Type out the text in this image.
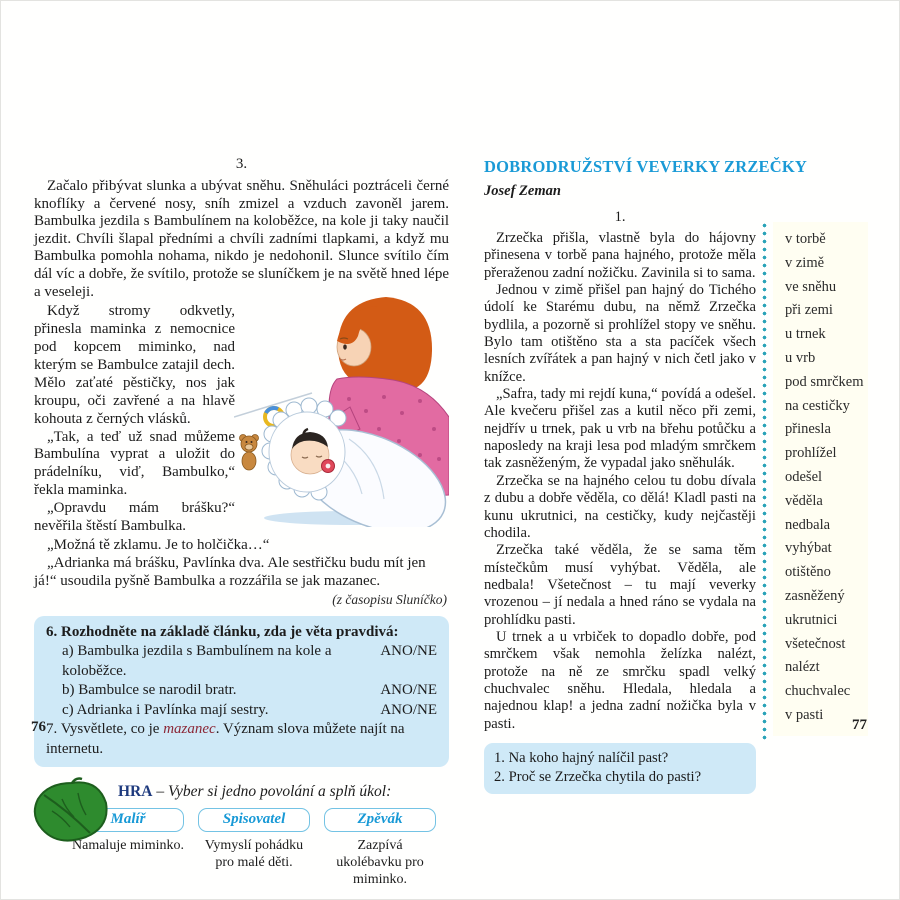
3.

Začalo přibývat slunka a ubývat sněhu. Sněhuláci poztráceli černé knoflíky a červené nosy, sníh zmizel a vzduch zavoněl jarem. Bambulka jezdila s Bambulínem na koloběžce, na kole ji taky naučil jezdit. Chvíli šlapal předními a chvíli zadními tlapkami, a když mu Bambulka pomohla nohama, nikdo je nedohonil. Slunce svítilo čím dál víc a dobře, že svítilo, protože se sluníčkem je na světě hned lépe a veseleji.

Když stromy odkvetly, přinesla maminka z nemocnice pod kopcem miminko, nad kterým se Bambulce zatajil dech. Mělo zaťaté pěstičky, nos jak kroupu, oči zavřené a na hlavě kohouta z černých vlásků.

„Tak, a teď už snad můžeme Bambulína vyprat a uložit do prádelníku, viď, Bambulko,“ řekla maminka.

„Opravdu mám brášku?“ nevěřila štěstí Bambulka.

„Možná tě zklamu. Je to holčička…“

„Adrianka má brášku, Pavlínka dva. Ale sestřičku budu mít jen já!“ usoudila pyšně Bambulka a rozzářila se jak mazanec.

(z časopisu Sluníčko)
6. Rozhodněte na základě článku, zda je věta pravdivá:
a) Bambulka jezdila s Bambulínem na kole a koloběžce.
ANO/NE
b) Bambulce se narodil bratr.	ANO/NE
c) Adrianka i Pavlínka mají sestry.	ANO/NE
7. Vysvětlete, co je mazanec. Význam slova můžete najít na internetu.
HRA – Vyber si jedno povolání a splň úkol:
Malíř
Namaluje miminko.
Spisovatel
Vymyslí pohádku pro malé děti.
Zpěvák
Zazpívá ukolébavku pro miminko.
DOBRODRUŽSTVÍ VEVERKY ZRZEČKY
Josef Zeman
1.

Zrzečka přišla, vlastně byla do hájovny přinesena v torbě pana hajného, protože měla přeraženou zadní nožičku. Zavinila si to sama.

Jednou v zimě přišel pan hajný do Tichého údolí ke Starému dubu, na němž Zrzečka bydlila, a pozorně si prohlížel stopy ve sněhu. Bylo tam otištěno sta a sta pacíček všech lesních zvířátek a pan hajný v nich četl jako v knížce.

„Safra, tady mi rejdí kuna,“ povídá a odešel. Ale kvečeru přišel zas a kutil něco při zemi, nejdřív u trnek, pak u vrb na břehu potůčku a naposledy na kraji lesa pod mladým smrčkem tak zasněženým, že vypadal jako sněhulák.

Zrzečka se na hajného celou tu dobu dívala z dubu a dobře věděla, co dělá! Kladl pasti na kunu ukrutnici, na cestičky, kudy nejčastěji chodila.

Zrzečka také věděla, že se sama těm místečkům musí vyhýbat. Věděla, ale nedbala! Všetečnost – tu mají veverky vrozenou – jí nedala a hned ráno se vydala na prohlídku pasti.

U trnek a u vrbiček to dopadlo dobře, pod smrčkem však nemohla želízka nalézt, protože na ně ze smrčku spadl velký chuchvalec sněhu. Hledala, hledala a najednou klap! a jedna zadní nožička byla v pasti.

1. Na koho hajný nalíčil past?
2. Proč se Zrzečka chytila do pasti?
v torbě
v zimě
ve sněhu
při zemi
u trnek
u vrb
pod smrčkem
na cestičky
přinesla
prohlížel
odešel
věděla
nedbala
vyhýbat
otištěno
zasněžený
ukrutnici
všetečnost
nalézt
chuchvalec
v pasti
76	77
